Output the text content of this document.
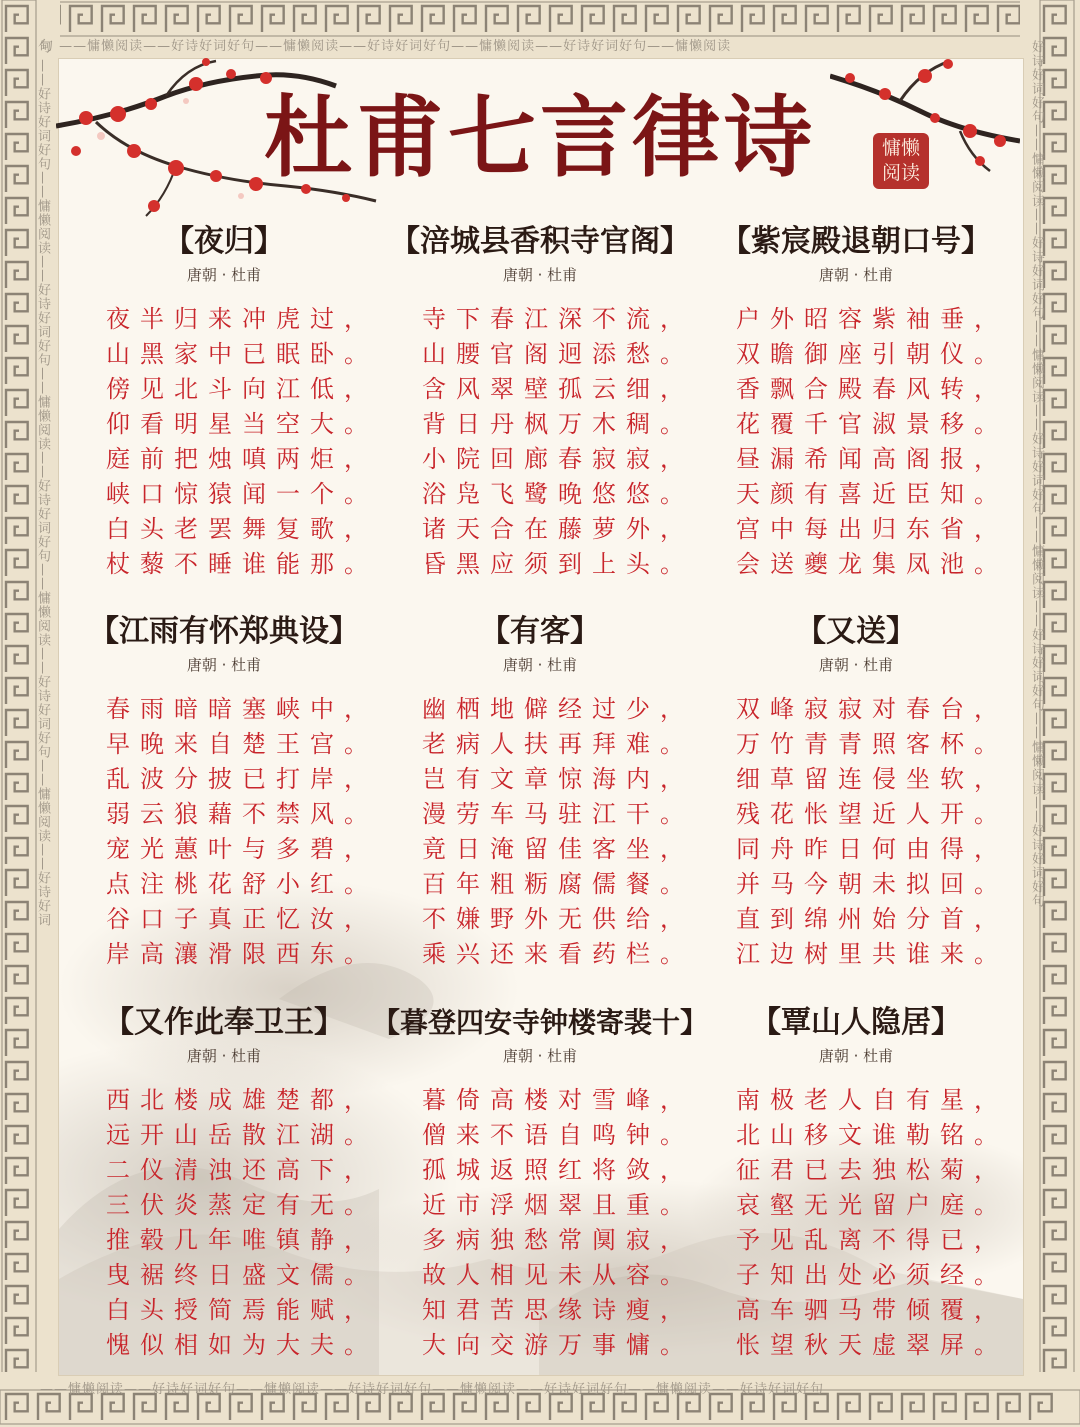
句 ——慵懒阅读——好诗好词好句——慵懒阅读——好诗好词好句——慵懒阅读——好诗好词好句——慵懒阅读
——慵懒阅读——好诗好词好句——慵懒阅读——好诗好词好句——慵懒阅读——好诗好词好句——慵懒阅读——好诗好词好句
句 ——好诗好词好句——慵懒阅读——好诗好词好句——慵懒阅读——好诗好词好句——慵懒阅读——好诗好词好句——慵懒阅读——好诗好词	好诗好词好句——慵懒阅读——好诗好词好句——慵懒阅读——好诗好词好句——慵懒阅读——好诗好词好句——慵懒阅读——好诗好词好句
杜甫七言律诗	慵懒
阅读
【夜归】
唐朝 · 杜甫
夜半归来冲虎过，
山黑家中已眠卧。
傍见北斗向江低，
仰看明星当空大。
庭前把烛嗔两炬，
峡口惊猿闻一个。
白头老罢舞复歌，
杖藜不睡谁能那。
【涪城县香积寺官阁】
唐朝 · 杜甫
寺下春江深不流，
山腰官阁迥添愁。
含风翠壁孤云细，
背日丹枫万木稠。
小院回廊春寂寂，
浴凫飞鹭晚悠悠。
诸天合在藤萝外，
昏黑应须到上头。
【紫宸殿退朝口号】
唐朝 · 杜甫
户外昭容紫袖垂，
双瞻御座引朝仪。
香飘合殿春风转，
花覆千官淑景移。
昼漏希闻高阁报，
天颜有喜近臣知。
宫中每出归东省，
会送夔龙集凤池。
【江雨有怀郑典设】
唐朝 · 杜甫
春雨暗暗塞峡中，
早晚来自楚王宫。
乱波分披已打岸，
弱云狼藉不禁风。
宠光蕙叶与多碧，
点注桃花舒小红。
谷口子真正忆汝，
岸高瀼滑限西东。
【有客】
唐朝 · 杜甫
幽栖地僻经过少，
老病人扶再拜难。
岂有文章惊海内，
漫劳车马驻江干。
竟日淹留佳客坐，
百年粗粝腐儒餐。
不嫌野外无供给，
乘兴还来看药栏。
【又送】
唐朝 · 杜甫
双峰寂寂对春台，
万竹青青照客杯。
细草留连侵坐软，
残花怅望近人开。
同舟昨日何由得，
并马今朝未拟回。
直到绵州始分首，
江边树里共谁来。
【又作此奉卫王】
唐朝 · 杜甫
西北楼成雄楚都，
远开山岳散江湖。
二仪清浊还高下，
三伏炎蒸定有无。
推毂几年唯镇静，
曳裾终日盛文儒。
白头授简焉能赋，
愧似相如为大夫。
【暮登四安寺钟楼寄裴十】
唐朝 · 杜甫
暮倚高楼对雪峰，
僧来不语自鸣钟。
孤城返照红将敛，
近市浮烟翠且重。
多病独愁常阒寂，
故人相见未从容。
知君苦思缘诗瘦，
大向交游万事慵。
【覃山人隐居】
唐朝 · 杜甫
南极老人自有星，
北山移文谁勒铭。
征君已去独松菊，
哀壑无光留户庭。
予见乱离不得已，
子知出处必须经。
高车驷马带倾覆，
怅望秋天虚翠屏。
